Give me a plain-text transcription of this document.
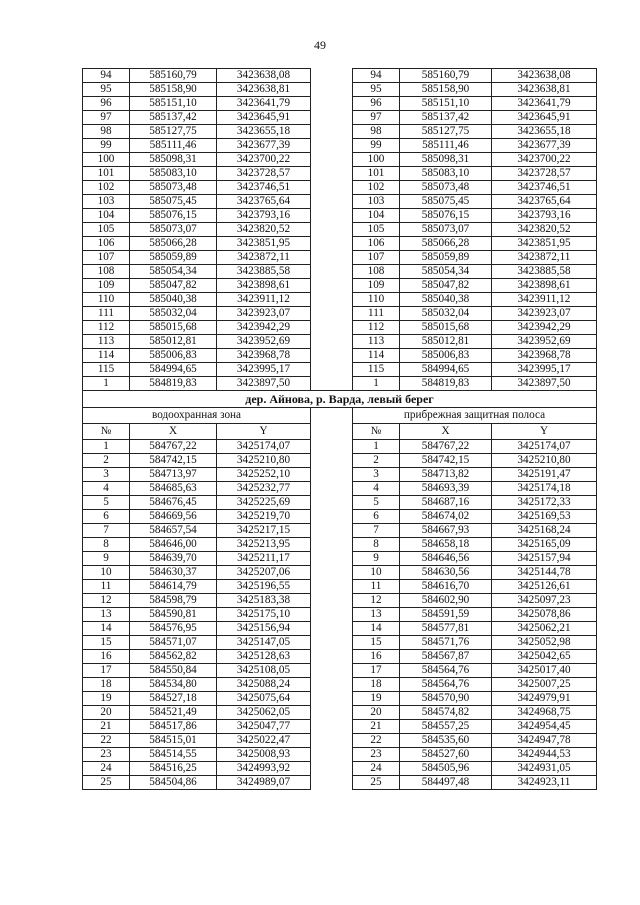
49
94	585160,79	3423638,08		94	585160,79	3423638,08
95	585158,90	3423638,81		95	585158,90	3423638,81
96	585151,10	3423641,79		96	585151,10	3423641,79
97	585137,42	3423645,91		97	585137,42	3423645,91
98	585127,75	3423655,18		98	585127,75	3423655,18
99	585111,46	3423677,39		99	585111,46	3423677,39
100	585098,31	3423700,22		100	585098,31	3423700,22
101	585083,10	3423728,57		101	585083,10	3423728,57
102	585073,48	3423746,51		102	585073,48	3423746,51
103	585075,45	3423765,64		103	585075,45	3423765,64
104	585076,15	3423793,16		104	585076,15	3423793,16
105	585073,07	3423820,52		105	585073,07	3423820,52
106	585066,28	3423851,95		106	585066,28	3423851,95
107	585059,89	3423872,11		107	585059,89	3423872,11
108	585054,34	3423885,58		108	585054,34	3423885,58
109	585047,82	3423898,61		109	585047,82	3423898,61
110	585040,38	3423911,12		110	585040,38	3423911,12
111	585032,04	3423923,07		111	585032,04	3423923,07
112	585015,68	3423942,29		112	585015,68	3423942,29
113	585012,81	3423952,69		113	585012,81	3423952,69
114	585006,83	3423968,78		114	585006,83	3423968,78
115	584994,65	3423995,17		115	584994,65	3423995,17
1	584819,83	3423897,50		1	584819,83	3423897,50
дер. Айнова, р. Варда, левый берег						
водоохранная зона				прибрежная защитная полоса		
№	X	Y		№	X	Y
1	584767,22	3425174,07		1	584767,22	3425174,07
2	584742,15	3425210,80		2	584742,15	3425210,80
3	584713,97	3425252,10		3	584713,82	3425191,47
4	584685,63	3425232,77		4	584693,39	3425174,18
5	584676,45	3425225,69		5	584687,16	3425172,33
6	584669,56	3425219,70		6	584674,02	3425169,53
7	584657,54	3425217,15		7	584667,93	3425168,24
8	584646,00	3425213,95		8	584658,18	3425165,09
9	584639,70	3425211,17		9	584646,56	3425157,94
10	584630,37	3425207,06		10	584630,56	3425144,78
11	584614,79	3425196,55		11	584616,70	3425126,61
12	584598,79	3425183,38		12	584602,90	3425097,23
13	584590,81	3425175,10		13	584591,59	3425078,86
14	584576,95	3425156,94		14	584577,81	3425062,21
15	584571,07	3425147,05		15	584571,76	3425052,98
16	584562,82	3425128,63		16	584567,87	3425042,65
17	584550,84	3425108,05		17	584564,76	3425017,40
18	584534,80	3425088,24		18	584564,76	3425007,25
19	584527,18	3425075,64		19	584570,90	3424979,91
20	584521,49	3425062,05		20	584574,82	3424968,75
21	584517,86	3425047,77		21	584557,25	3424954,45
22	584515,01	3425022,47		22	584535,60	3424947,78
23	584514,55	3425008,93		23	584527,60	3424944,53
24	584516,25	3424993,92		24	584505,96	3424931,05
25	584504,86	3424989,07		25	584497,48	3424923,11
